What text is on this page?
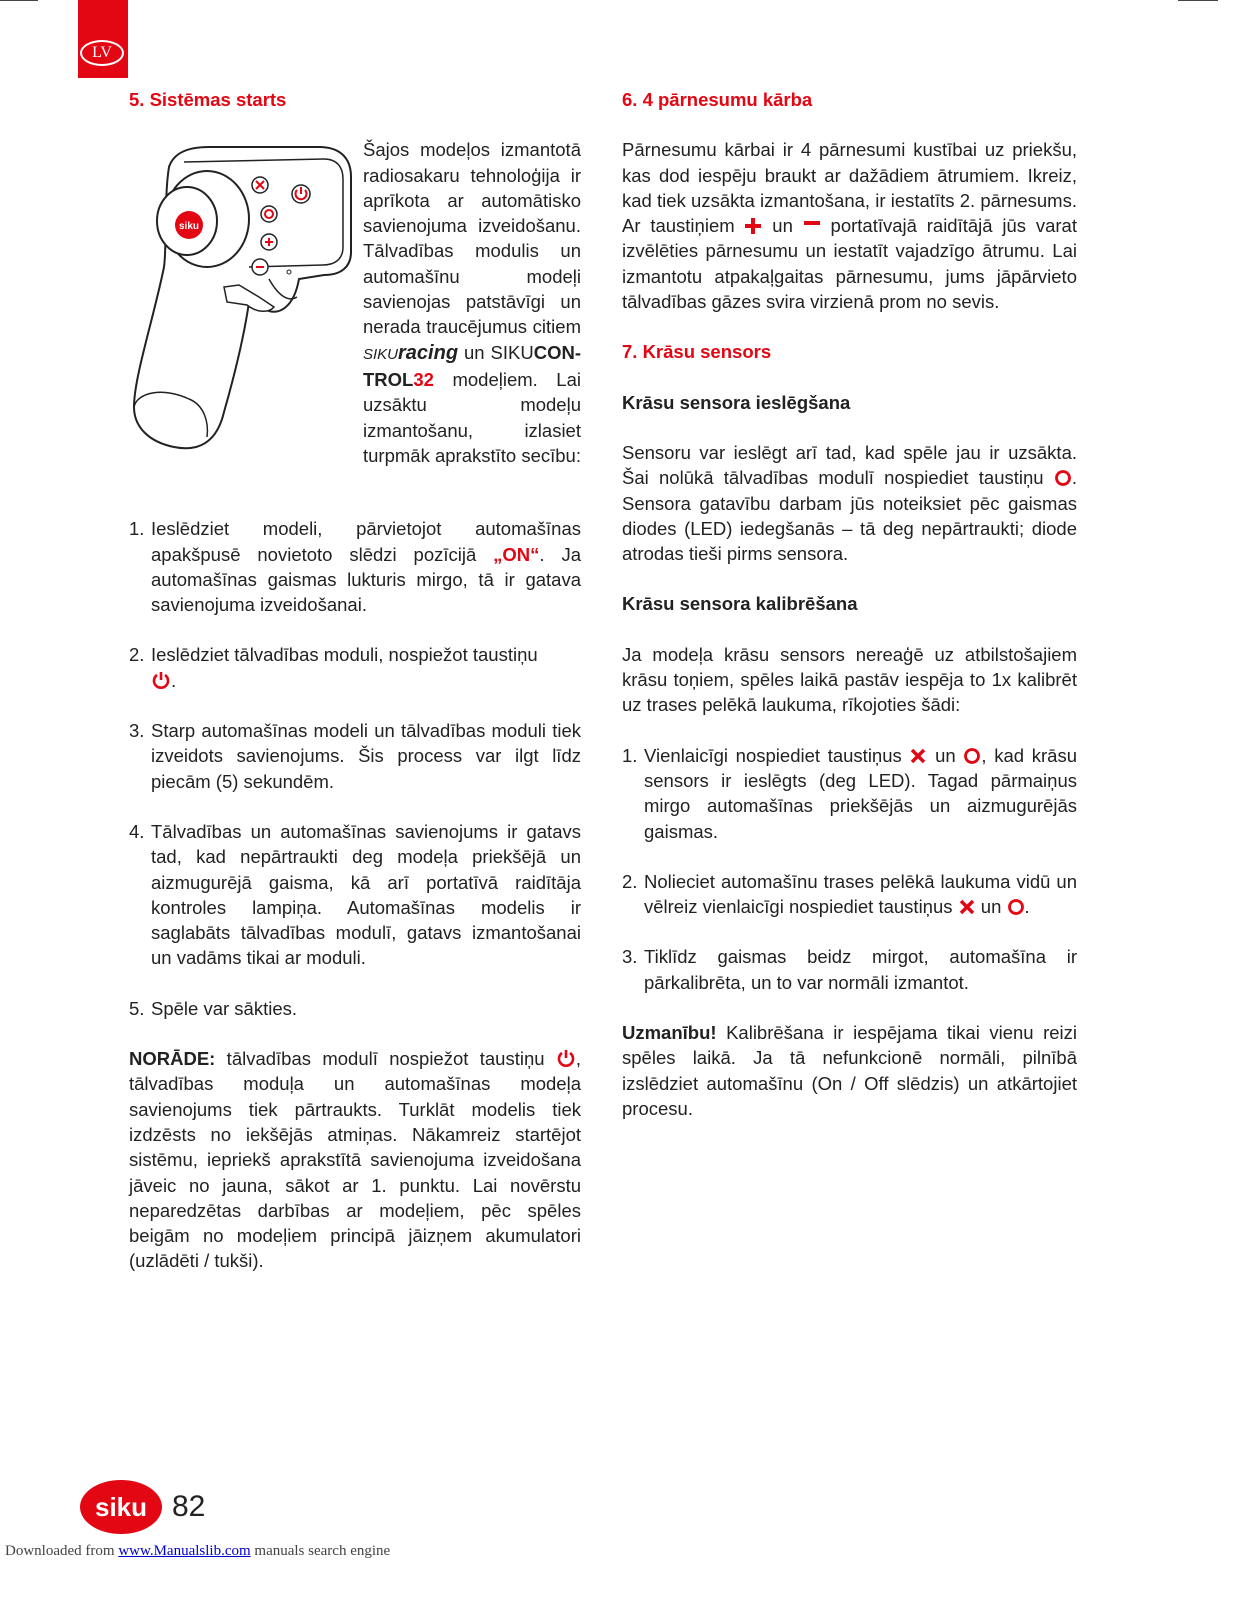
LV
5. Sistēmas starts
siku
Šajos modeļos izmantotā radiosakaru tehnoloģija ir aprīkota ar automātisko savienojuma izveidošanu. Tālvadības modulis un automašīnu modeļi savienojas patstāvīgi un nerada traucējumus citiem SIKUracing un SIKUCON-TROL32 modeļiem. Lai uzsāktu modeļu izmantošanu, izlasiet turpmāk aprakstīto secību:
1. Ieslēdziet modeli, pārvietojot automašīnas apakšpusē novietoto slēdzi pozīcijā „ON“. Ja automašīnas gaismas lukturis mirgo, tā ir gatava savienojuma izveidošanai.
2. Ieslēdziet tālvadības moduli, nospiežot taustiņu
.
3. Starp automašīnas modeli un tālvadības moduli tiek izveidots savienojums. Šis process var ilgt līdz piecām (5) sekundēm.
4. Tālvadības un automašīnas savienojums ir gatavs tad, kad nepārtraukti deg modeļa priekšējā un aizmugurējā gaisma, kā arī portatīvā raidītāja kontroles lampiņa. Automašīnas modelis ir saglabāts tālvadības modulī, gatavs izmantošanai un vadāms tikai ar moduli.
5. Spēle var sākties.

NORĀDE: tālvadības modulī nospiežot taustiņu , tālvadības moduļa un automašīnas modeļa savienojums tiek pārtraukts. Turklāt modelis tiek izdzēsts no iekšējās atmiņas. Nākamreiz startējot sistēmu, iepriekš aprakstītā savienojuma izveidošana jāveic no jauna, sākot ar 1. punktu. Lai novērstu neparedzētas darbības ar modeļiem, pēc spēles beigām no modeļiem principā jāizņem akumulatori (uzlādēti / tukši).

6. 4 pārnesumu kārba

Pārnesumu kārbai ir 4 pārnesumi kustībai uz priekšu, kas dod iespēju braukt ar dažādiem ātrumiem. Ikreiz, kad tiek uzsākta izmantošana, ir iestatīts 2. pārnesums. Ar taustiņiem  un  portatīvajā raidītājā jūs varat izvēlēties pārnesumu un iestatīt vajadzīgo ātrumu. Lai izmantotu atpakaļgaitas pārnesumu, jums jāpārvieto tālvadības gāzes svira virzienā prom no sevis.

7. Krāsu sensors

Krāsu sensora ieslēgšana

Sensoru var ieslēgt arī tad, kad spēle jau ir uzsākta. Šai nolūkā tālvadības modulī nospiediet taustiņu . Sensora gatavību darbam jūs noteiksiet pēc gaismas diodes (LED) iedegšanās – tā deg nepārtraukti; diode atrodas tieši pirms sensora.

Krāsu sensora kalibrēšana

Ja modeļa krāsu sensors nereaģē uz atbilstošajiem krāsu toņiem, spēles laikā pastāv iespēja to 1x kalibrēt uz trases pelēkā laukuma, rīkojoties šādi:

1. Vienlaicīgi nospiediet taustiņus  un , kad krāsu sensors ir ieslēgts (deg LED). Tagad pārmaiņus mirgo automašīnas priekšējās un aizmugurējās gaismas.
2. Nolieciet automašīnu trases pelēkā laukuma vidū un vēlreiz vienlaicīgi nospiediet taustiņus  un .
3. Tiklīdz gaismas beidz mirgot, automašīna ir pārkalibrēta, un to var normāli izmantot.

Uzmanību! Kalibrēšana ir iespējama tikai vienu reizi spēles laikā. Ja tā nefunkcionē normāli, pilnībā izslēdziet automašīnu (On / Off slēdzis) un atkārtojiet procesu.

siku 82
Downloaded from www.Manualslib.com manuals search engine
